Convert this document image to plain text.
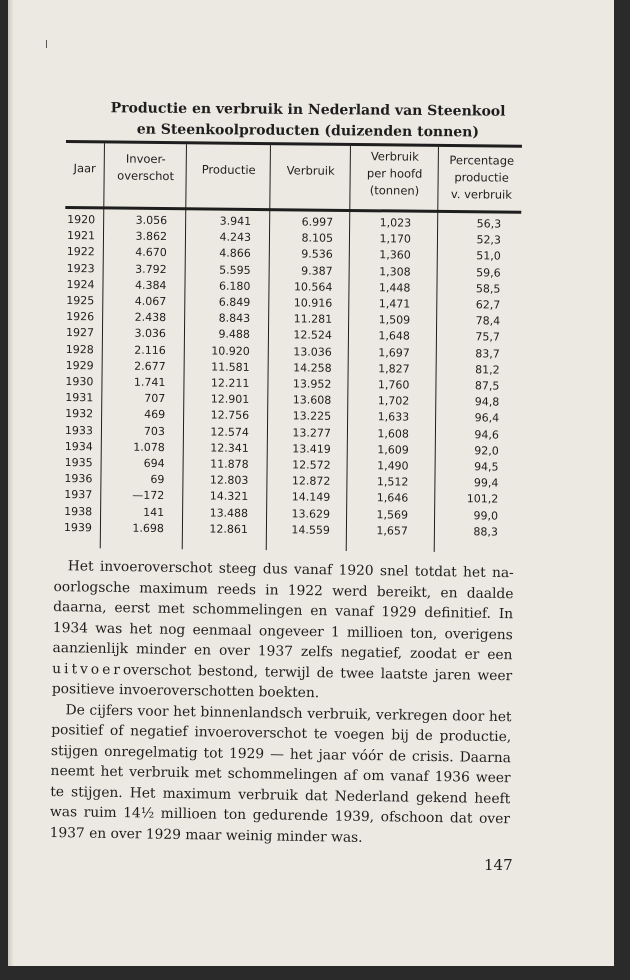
Productie en verbruik in Nederland van Steenkool
en Steenkoolproducten (duizenden tonnen)
Jaar
Invoer-
overschot	Productie	Verbruik
Verbruik
per hoofd
(tonnen)
Percentage
productie
v. verbruik
1920
1921
1922
1923
1924
1925
1926
1927
1928
1929
1930
1931
1932
1933
1934
1935
1936
1937
1938
1939
3.056
3.862
4.670
3.792
4.384
4.067
2.438
3.036
2.116
2.677
1.741
707
469
703
1.078
694
69
—172
141
1.698
3.941
4.243
4.866
5.595
6.180
6.849
8.843
9.488
10.920
11.581
12.211
12.901
12.756
12.574
12.341
11.878
12.803
14.321
13.488
12.861
6.997
8.105
9.536
9.387
10.564
10.916
11.281
12.524
13.036
14.258
13.952
13.608
13.225
13.277
13.419
12.572
12.872
14.149
13.629
14.559
1,023
1,170
1,360
1,308
1,448
1,471
1,509
1,648
1,697
1,827
1,760
1,702
1,633
1,608
1,609
1,490
1,512
1,646
1,569
1,657
56,3
52,3
51,0
59,6
58,5
62,7
78,4
75,7
83,7
81,2
87,5
94,8
96,4
94,6
92,0
94,5
99,4
101,2
99,0
88,3

Het invoeroverschot steeg dus vanaf 1920 snel totdat het na-oorlogsche maximum reeds in 1922 werd bereikt, en daalde daarna, eerst met schommelingen en vanaf 1929 definitief. In 1934 was het nog eenmaal ongeveer 1 millioen ton, overigens aanzienlijk minder en over 1937 zelfs negatief, zoodat er een uitvoeroverschot bestond, terwijl de twee laatste jaren weer positieve invoeroverschotten boekten.

De cijfers voor het binnenlandsch verbruik, verkregen door het positief of negatief invoeroverschot te voegen bij de productie, stijgen onregelmatig tot 1929 — het jaar vóór de crisis. Daarna neemt het verbruik met schommelingen af om vanaf 1936 weer te stijgen. Het maximum verbruik dat Nederland gekend heeft was ruim 14½ millioen ton gedurende 1939, ofschoon dat over 1937 en over 1929 maar weinig minder was.

147
